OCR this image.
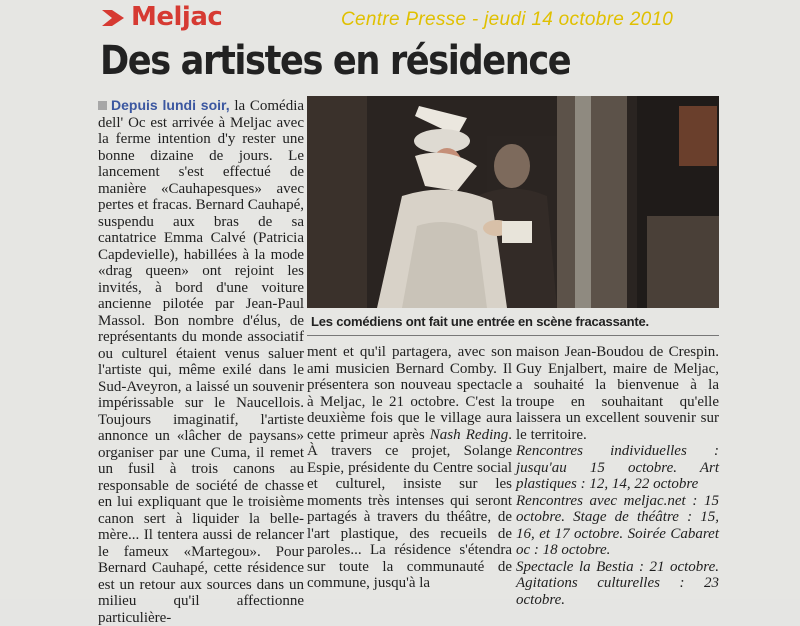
Meljac	Centre Presse - jeudi 14 octobre 2010
Des artistes en résidence
Depuis lundi soir, la Comédia dell' Oc est arrivée à Meljac avec la ferme intention d'y rester une bonne dizaine de jours. Le lancement s'est effectué de manière «Cauhapesques» avec pertes et fracas. Bernard Cauhapé, suspendu aux bras de sa cantatrice Emma Calvé (Patricia Capdevielle), habillées à la mode «drag queen» ont rejoint les invités, à bord d'une voiture ancienne pilotée par Jean-Paul Massol. Bon nombre d'élus, de représentants du monde associatif ou culturel étaient venus saluer l'artiste qui, même exilé dans le Sud-Aveyron, a laissé un souvenir impérissable sur le Naucellois. Toujours imaginatif, l'artiste annonce un «lâcher de paysans» organiser par une Cuma, il remet un fusil à trois canons au responsable de société de chasse en lui expliquant que le troisième canon sert à liquider la belle-mère... Il tentera aussi de relancer le fameux «Martegou». Pour Bernard Cauhapé, cette résidence est un retour aux sources dans un milieu qu'il affectionne particulière-
Les comédiens ont fait une entrée en scène fracassante.
ment et qu'il partagera, avec son ami musicien Bernard Comby. Il présentera son nouveau spectacle à Meljac, le 21 octobre. C'est la deuxième fois que le village aura cette primeur après Nash Reding. À travers ce projet, Solange Espie, présidente du Centre social et culturel, insiste sur les moments très intenses qui seront partagés à travers du théâtre, de l'art plastique, des recueils de paroles... La résidence s'étendra sur toute la communauté de commune, jusqu'à la
maison Jean-Boudou de Crespin. Guy Enjalbert, maire de Meljac, a souhaité la bienvenue à la troupe en souhaitant qu'elle laissera un excellent souvenir sur le territoire.
Rencontres individuelles : jusqu'au 15 octobre. Art plastiques : 12, 14, 22 octobre
Rencontres avec meljac.net : 15 octobre. Stage de théâtre : 15, 16, et 17 octobre. Soirée Cabaret oc : 18 octobre.
Spectacle la Bestia : 21 octobre. Agitations culturelles : 23 octobre.
